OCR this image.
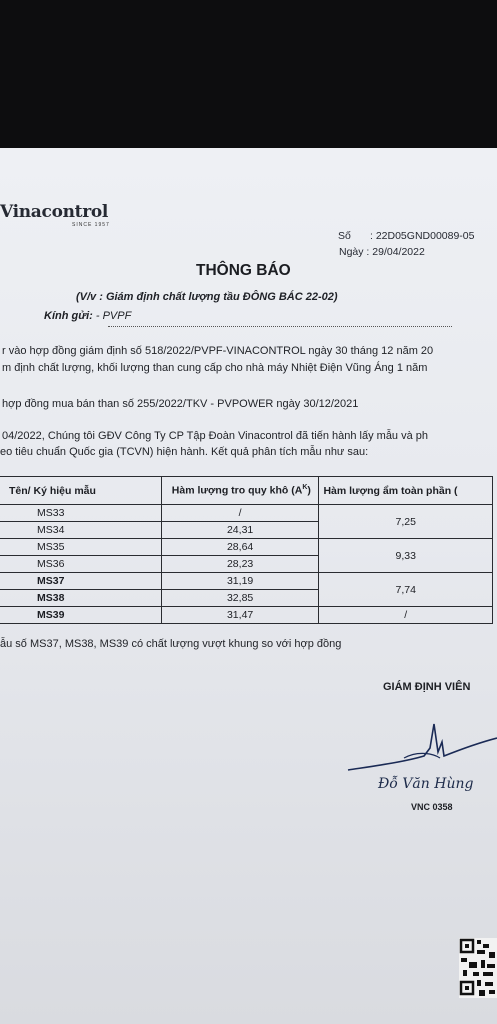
Vinacontrol
SINCE 1957
Số : 22D05GND00089-05
Ngày : 29/04/2022
THÔNG BÁO
(V/v : Giám định chất lượng tầu ĐÔNG BÁC 22-02)
Kính gửi: - PVPF
r vào hợp đồng giám định số 518/2022/PVPF-VINACONTROL ngày 30 tháng 12 năm 20
m định chất lượng, khối lượng than cung cấp cho nhà máy Nhiệt Điện Vũng Áng 1 năm
hợp đồng mua bán than số 255/2022/TKV - PVPOWER ngày 30/12/2021
04/2022, Chúng tôi GĐV Công Ty CP Tập Đoàn Vinacontrol đã tiến hành lấy mẫu và ph
eo tiêu chuẩn Quốc gia (TCVN) hiện hành. Kết quả phân tích mẫu như sau:
Tên/ Ký hiệu mẫu	Hàm lượng tro quy khô $(A^K)$	Hàm lượng ẩm toàn phần (
MS33	/	7,25
MS34	24,31	
MS35	28,64	9,33
MS36	28,23	
MS37	31,19	7,74
MS38	32,85	
MS39	31,47	/
ẫu số MS37, MS38, MS39 có chất lượng vượt khung so với hợp đồng
GIÁM ĐỊNH VIÊN
Đỗ Văn Hùng
VNC 0358
